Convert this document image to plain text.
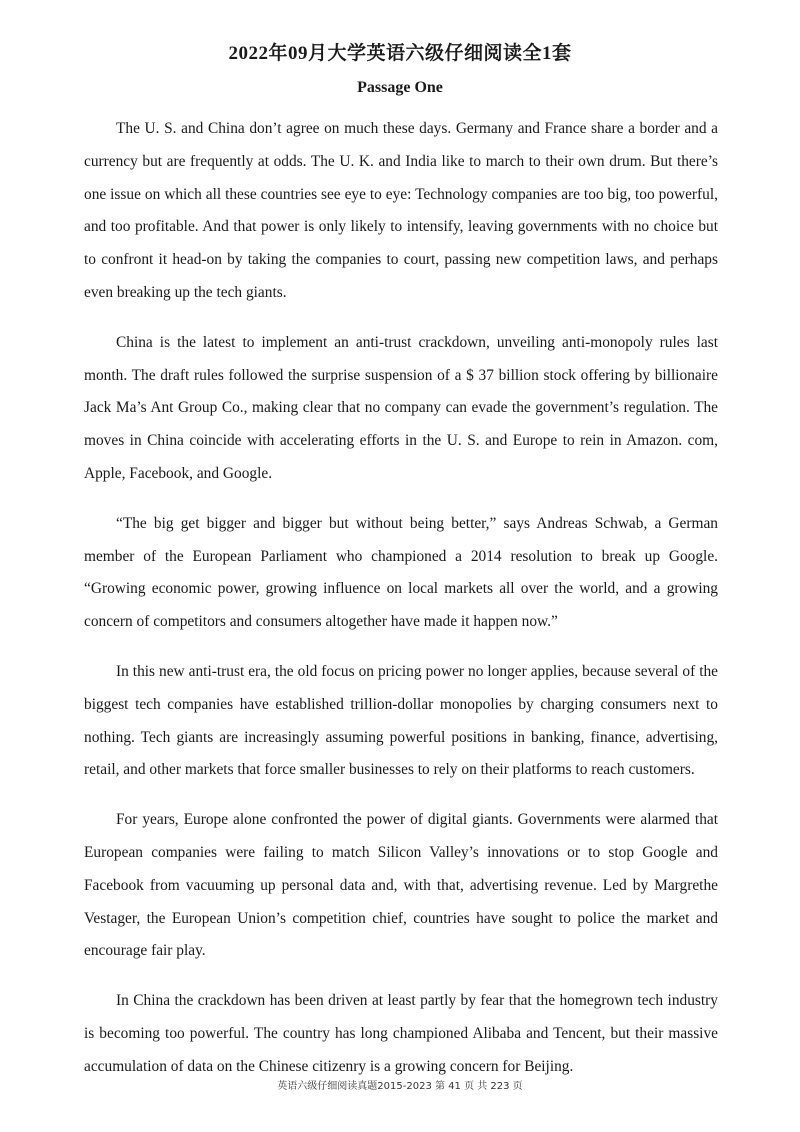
2022年09月大学英语六级仔细阅读全1套
Passage One

The U. S. and China don’t agree on much these days. Germany and France share a border and a currency but are frequently at odds. The U. K. and India like to march to their own drum. But there’s one issue on which all these countries see eye to eye: Technology companies are too big, too powerful, and too profitable. And that power is only likely to intensify, leaving governments with no choice but to confront it head-on by taking the companies to court, passing new competition laws, and perhaps even breaking up the tech giants.

China is the latest to implement an anti-trust crackdown, unveiling anti-monopoly rules last month. The draft rules followed the surprise suspension of a $ 37 billion stock offering by billionaire Jack Ma’s Ant Group Co., making clear that no company can evade the government’s regulation. The moves in China coincide with accelerating efforts in the U. S. and Europe to rein in Amazon. com, Apple, Facebook, and Google.

“The big get bigger and bigger but without being better,” says Andreas Schwab, a German member of the European Parliament who championed a 2014 resolution to break up Google. “Growing economic power, growing influence on local markets all over the world, and a growing concern of competitors and consumers altogether have made it happen now.”

In this new anti-trust era, the old focus on pricing power no longer applies, because several of the biggest tech companies have established trillion-dollar monopolies by charging consumers next to nothing. Tech giants are increasingly assuming powerful positions in banking, finance, advertising, retail, and other markets that force smaller businesses to rely on their platforms to reach customers.

For years, Europe alone confronted the power of digital giants. Governments were alarmed that European companies were failing to match Silicon Valley’s innovations or to stop Google and Facebook from vacuuming up personal data and, with that, advertising revenue. Led by Margrethe Vestager, the European Union’s competition chief, countries have sought to police the market and encourage fair play.

In China the crackdown has been driven at least partly by fear that the homegrown tech industry is becoming too powerful. The country has long championed Alibaba and Tencent, but their massive accumulation of data on the Chinese citizenry is a growing concern for Beijing.

英语六级仔细阅读真题2015-2023 第 41 页 共 223 页
